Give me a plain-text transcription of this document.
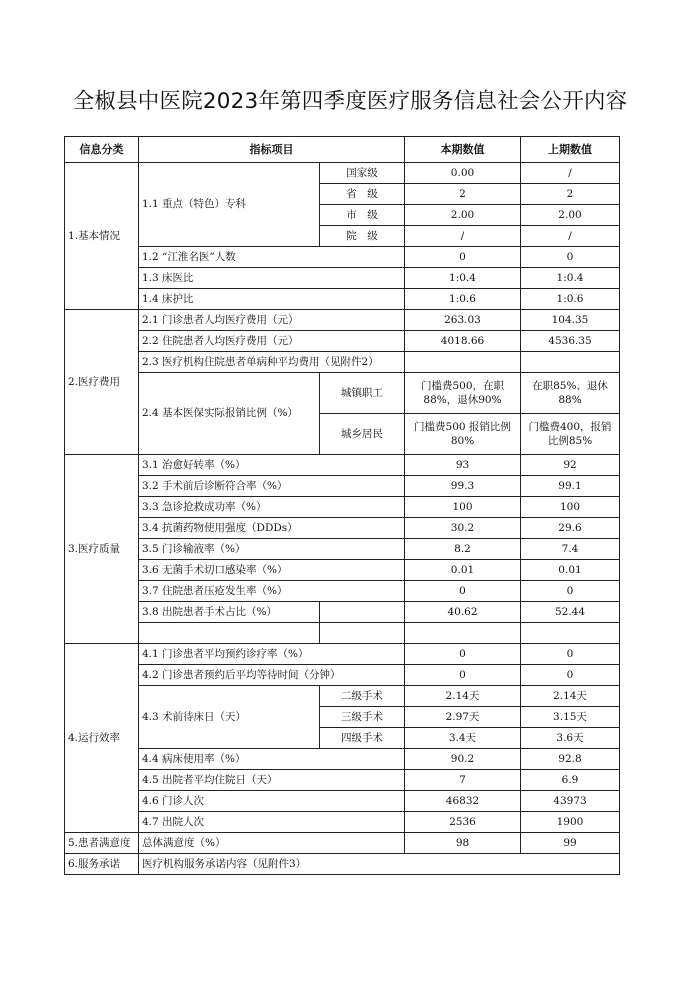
全椒县中医院2023年第四季度医疗服务信息社会公开内容
信息分类	指标项目		本期数值	上期数值
1.基本情况	1.1 重点（特色）专科	国家级	0.00	/
		省　级	2	2
		市　级	2.00	2.00
		院　级	/	/
	1.2 “江淮名医”人数		0	0
	1.3 床医比		1:0.4	1:0.4
	1.4 床护比		1:0.6	1:0.6
2.医疗费用	2.1 门诊患者人均医疗费用（元）		263.03	104.35
	2.2 住院患者人均医疗费用（元）		4018.66	4536.35
	2.3 医疗机构住院患者单病种平均费用（见附件2）			
	2.4 基本医保实际报销比例（%）	城镇职工	门槛费500，在职88%，退休90%	在职85%、退休88%
		城乡居民	门槛费500 报销比例80%	门槛费400，报销比例85%
3.医疗质量	3.1 治愈好转率（%）		93	92
	3.2 手术前后诊断符合率（%）		99.3	99.1
	3.3 急诊抢救成功率（%）		100	100
	3.4 抗菌药物使用强度（DDDs）		30.2	29.6
	3.5 门诊输液率（%）		8.2	7.4
	3.6 无菌手术切口感染率（%）		0.01	0.01
	3.7 住院患者压疮发生率（%）		0	0
	3.8 出院患者手术占比（%）		40.62	52.44

4.运行效率	4.1 门诊患者平均预约诊疗率（%）		0	0
	4.2 门诊患者预约后平均等待时间（分钟）		0	0
	4.3 术前待床日（天）	二级手术	2.14天	2.14天
		三级手术	2.97天	3.15天
		四级手术	3.4天	3.6天
	4.4 病床使用率（%）		90.2	92.8
	4.5 出院者平均住院日（天）		7	6.9
	4.6 门诊人次		46832	43973
	4.7 出院人次		2536	1900
5.患者满意度	总体满意度（%）		98	99
6.服务承诺	医疗机构服务承诺内容（见附件3）			
